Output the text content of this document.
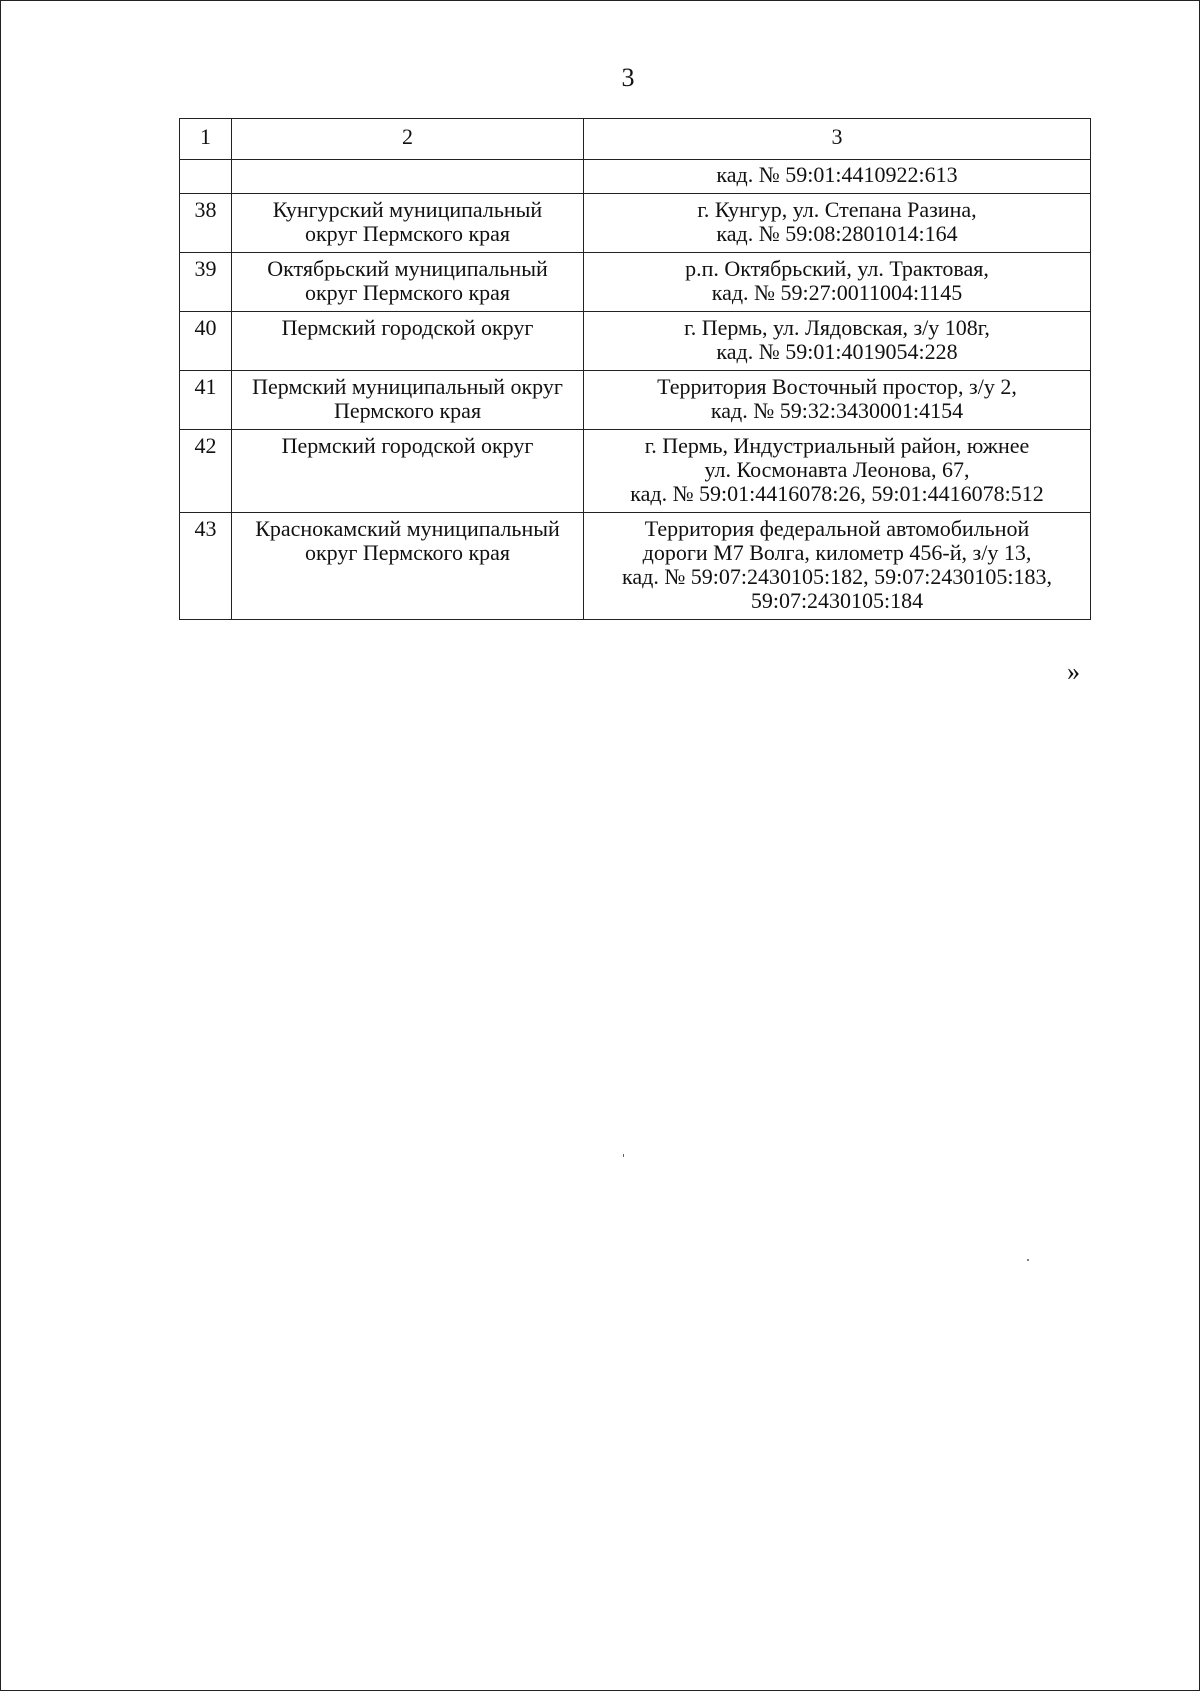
3
1	2	3

		кад. № 59:01:4410922:613

38	Кунгурский муниципальный
округ Пермского края	г. Кунгур, ул. Степана Разина,
кад. № 59:08:2801014:164

39	Октябрьский муниципальный
округ Пермского края	р.п. Октябрьский, ул. Трактовая,
кад. № 59:27:0011004:1145

40	Пермский городской округ	г. Пермь, ул. Лядовская, з/у 108г,
кад. № 59:01:4019054:228

41	Пермский муниципальный округ
Пермского края	Территория Восточный простор, з/у 2,
кад. № 59:32:3430001:4154

42	Пермский городской округ	г. Пермь, Индустриальный район, южнее
ул. Космонавта Леонова, 67,
кад. № 59:01:4416078:26, 59:01:4416078:512

43	Краснокамский муниципальный
округ Пермского края	Территория федеральной автомобильной
дороги М7 Волга, километр 456-й, з/у 13,
кад. № 59:07:2430105:182, 59:07:2430105:183,
59:07:2430105:184
»
